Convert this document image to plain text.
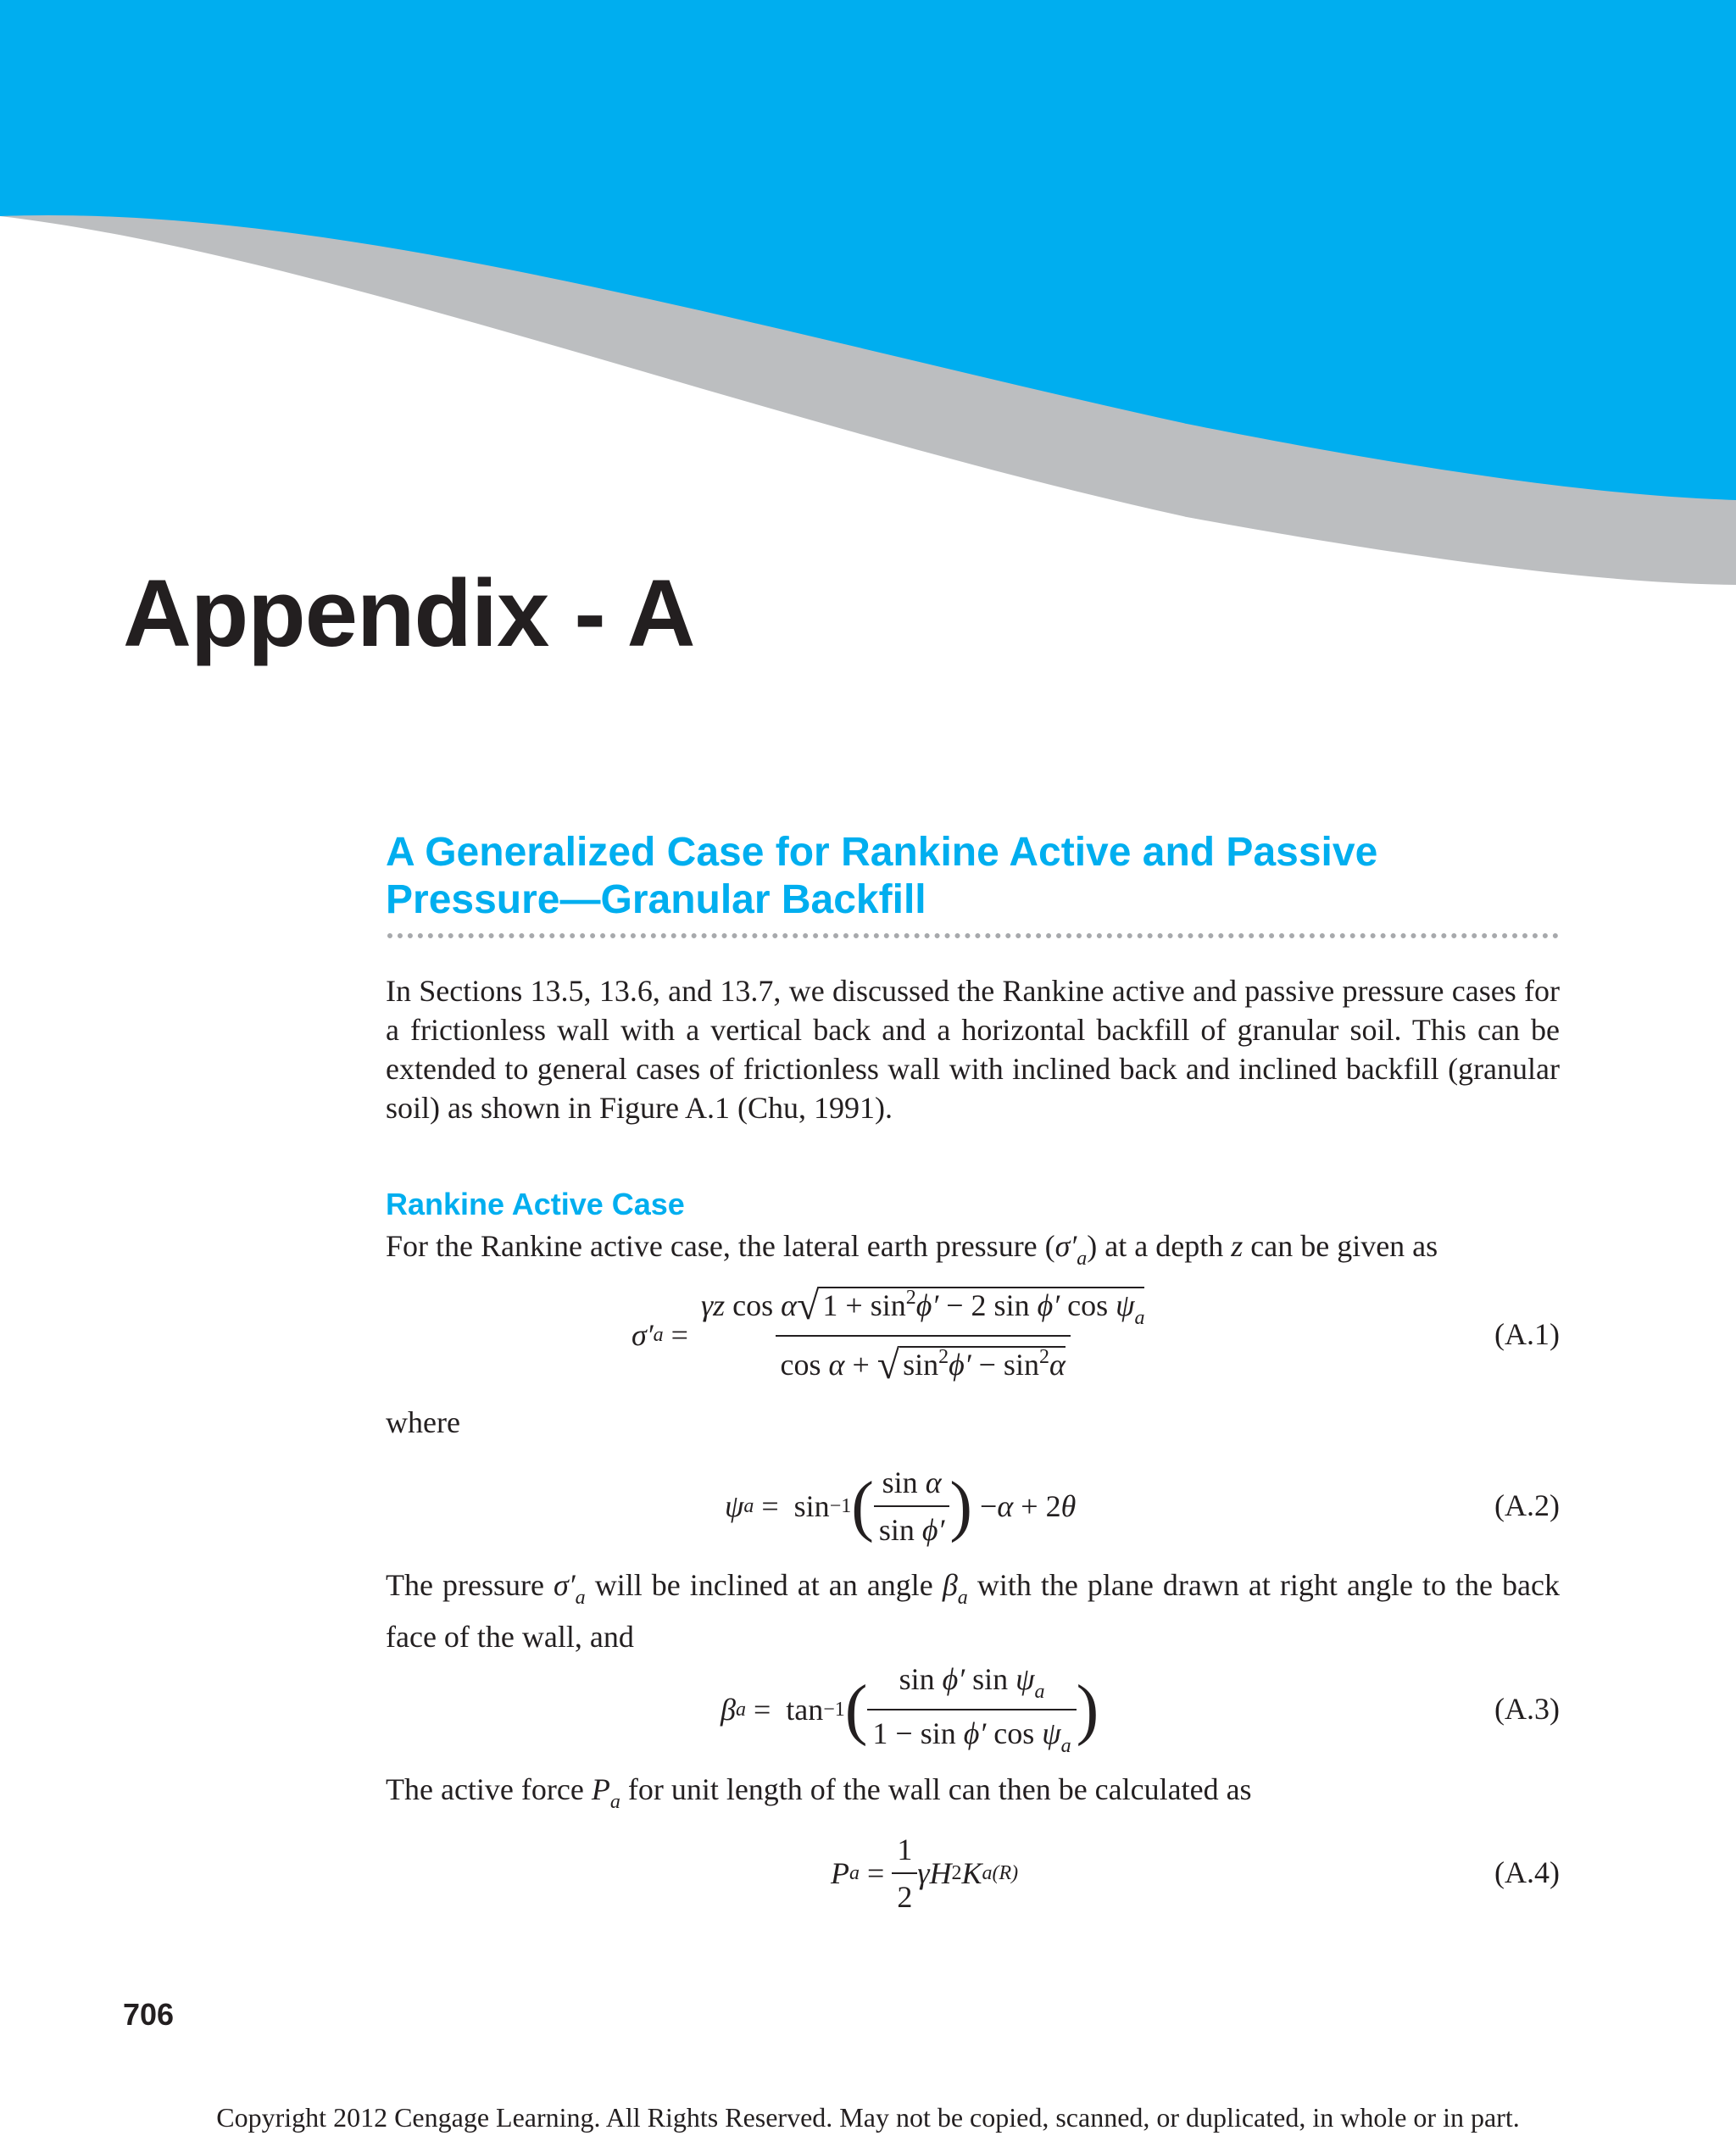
Appendix - A
A Generalized Case for Rankine Active and Passive
Pressure—Granular Backfill

In Sections 13.5, 13.6, and 13.7, we discussed the Rankine active and passive pressure cases for a frictionless wall with a vertical back and a horizontal backfill of granular soil. This can be extended to general cases of frictionless wall with inclined back and inclined backfill (granular soil) as shown in Figure A.1 (Chu, 1991).

Rankine Active Case

For the Rankine active case, the lateral earth pressure $(\sigma'_a)$ at a depth z can be given as

σ′ $a = \frac{\gamma z \cos \alpha√ 1 + \sin^2\phi' - 2 \sin \phi' \cos \psi_a}{\cos \alpha + √ \sin^2\phi' - \sin^2\alpha}$	(A.1)

where

ψ a =  sin −1 ( $\frac{\text{sin α}}{\text{sin ϕ′}}$ ) − α + 2 θ	(A.2)

The pressure $\sigma'_a$ will be inclined at an angle $\beta_a$ with the plane drawn at right angle to the back face of the wall, and

β a =  tan −1 ( $\frac{\sin \phi' \sin \psi_a}{1 - \sin \phi' \cos \psi_a}$ )	(A.3)

The active force $P_a$ for unit length of the wall can then be calculated as

P $a = \frac{1}{2}$ γH 2 K a(R)	(A.4)
706
Copyright 2012 Cengage Learning. All Rights Reserved. May not be copied, scanned, or duplicated, in whole or in part.
